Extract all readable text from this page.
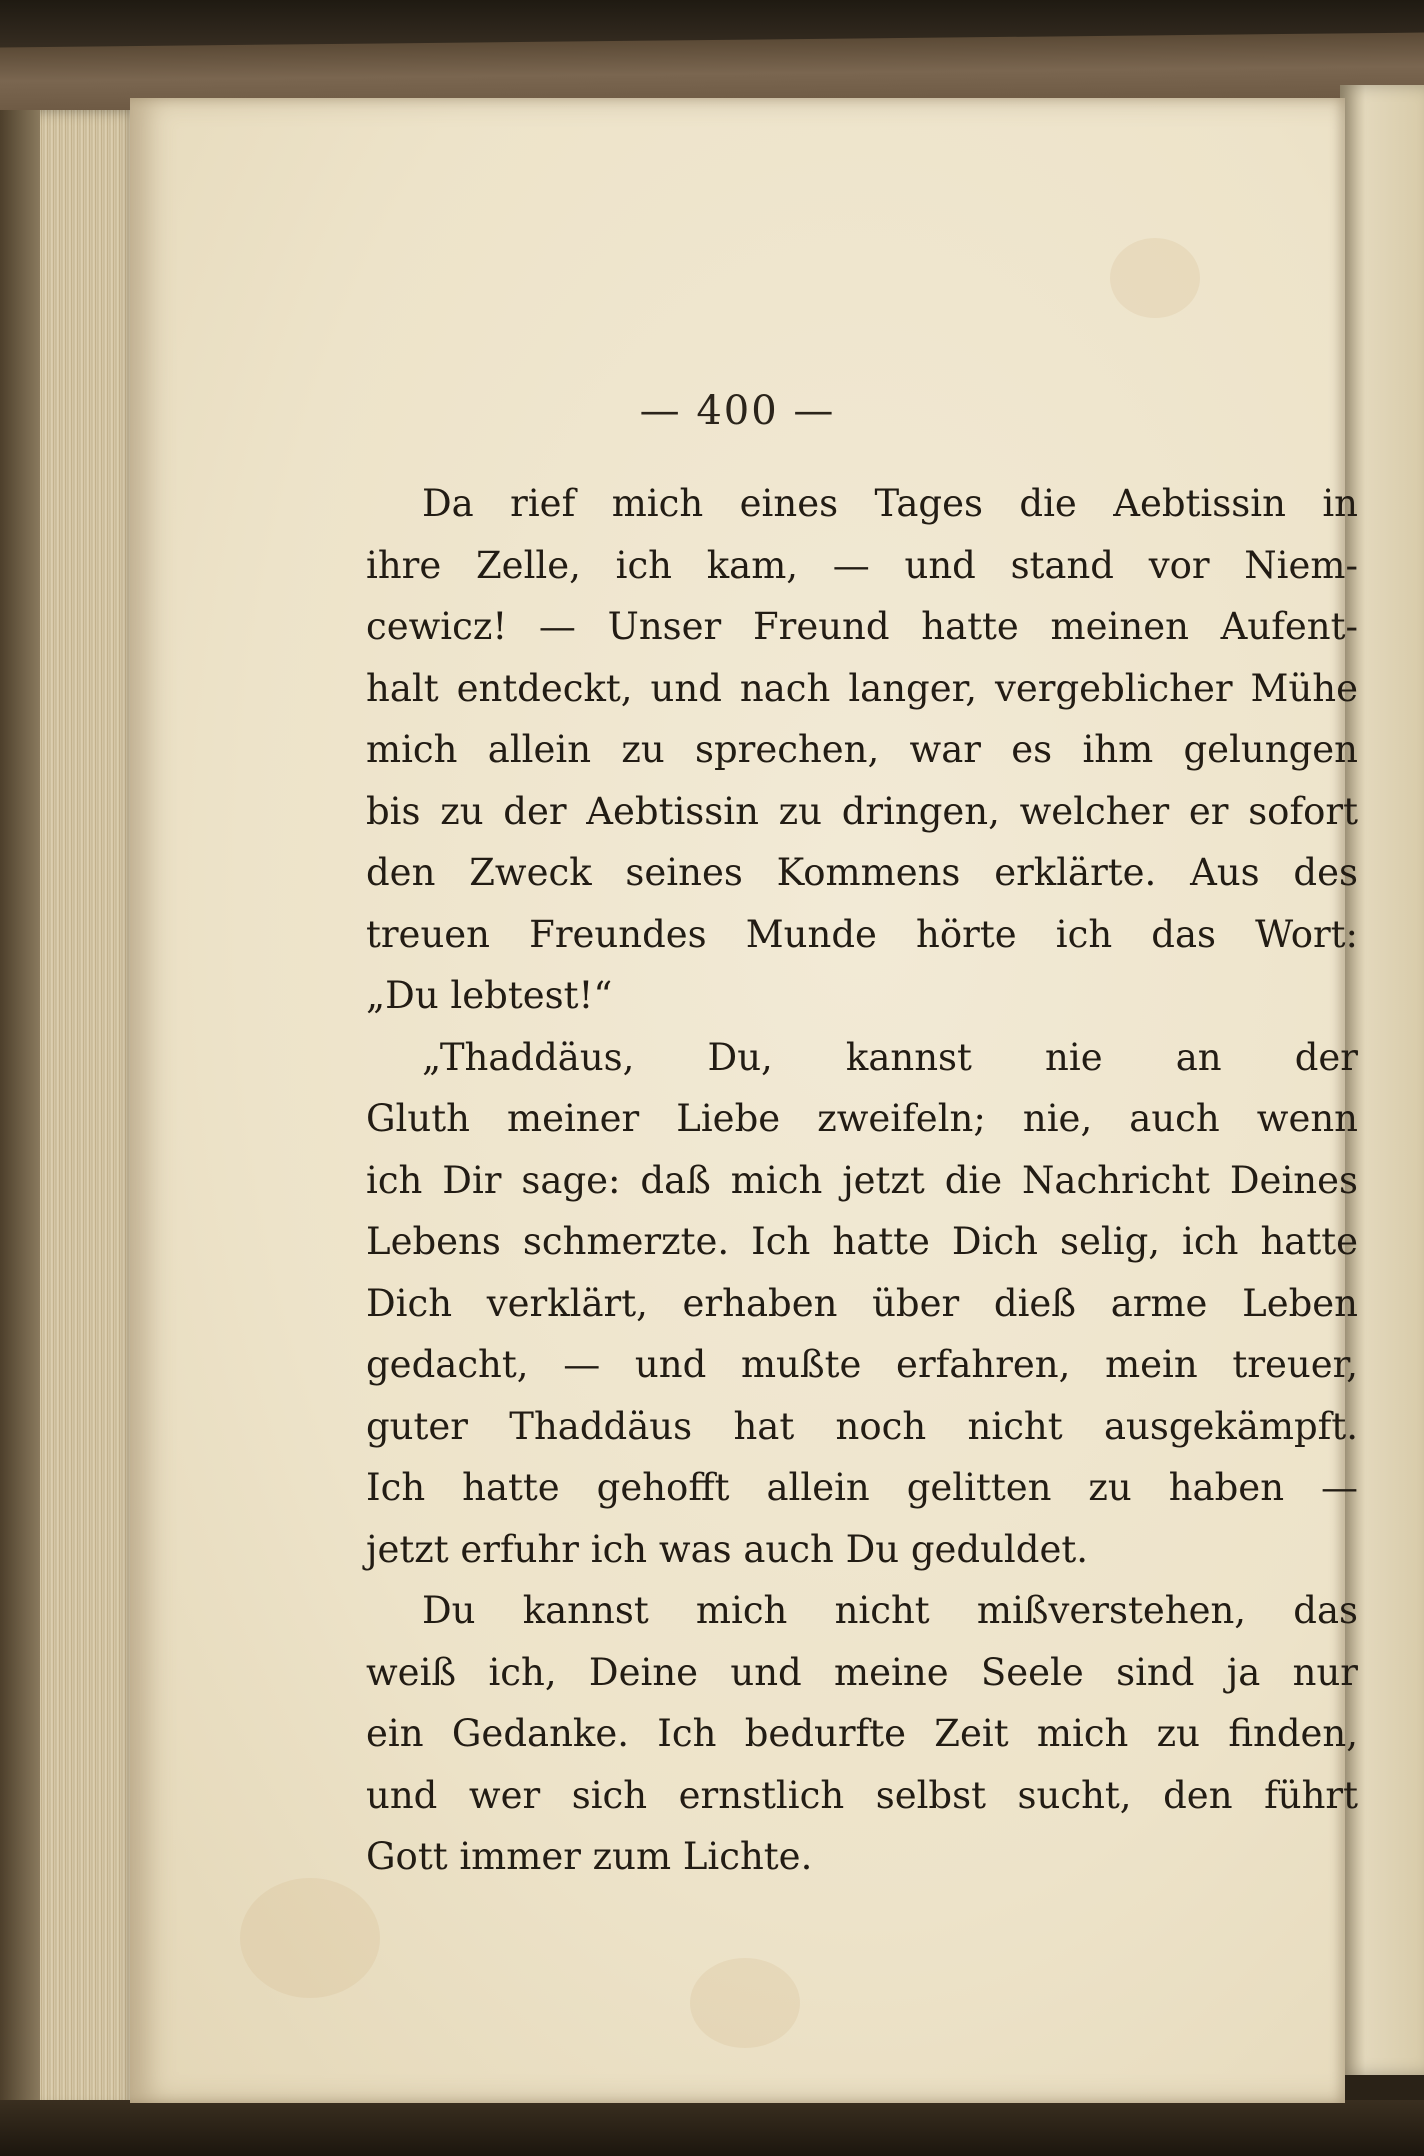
— 400 —
Da rief mich eines Tages die Aebtissin in
ihre Zelle, ich kam, — und stand vor Niem-
cewicz! — Unser Freund hatte meinen Aufent-
halt entdeckt, und nach langer, vergeblicher Mühe
mich allein zu sprechen, war es ihm gelungen
bis zu der Aebtissin zu dringen, welcher er sofort
den Zweck seines Kommens erklärte. Aus des
treuen Freundes Munde hörte ich das Wort:
„Du lebtest!“
„Thaddäus, Du, kannst nie an der
Gluth meiner Liebe zweifeln; nie, auch wenn
ich Dir sage: daß mich jetzt die Nachricht Deines
Lebens schmerzte. Ich hatte Dich selig, ich hatte
Dich verklärt, erhaben über dieß arme Leben
gedacht, — und mußte erfahren, mein treuer,
guter Thaddäus hat noch nicht ausgekämpft.
Ich hatte gehofft allein gelitten zu haben —
jetzt erfuhr ich was auch Du geduldet.
Du kannst mich nicht mißverstehen, das
weiß ich, Deine und meine Seele sind ja nur
ein Gedanke. Ich bedurfte Zeit mich zu finden,
und wer sich ernstlich selbst sucht, den führt
Gott immer zum Lichte.
